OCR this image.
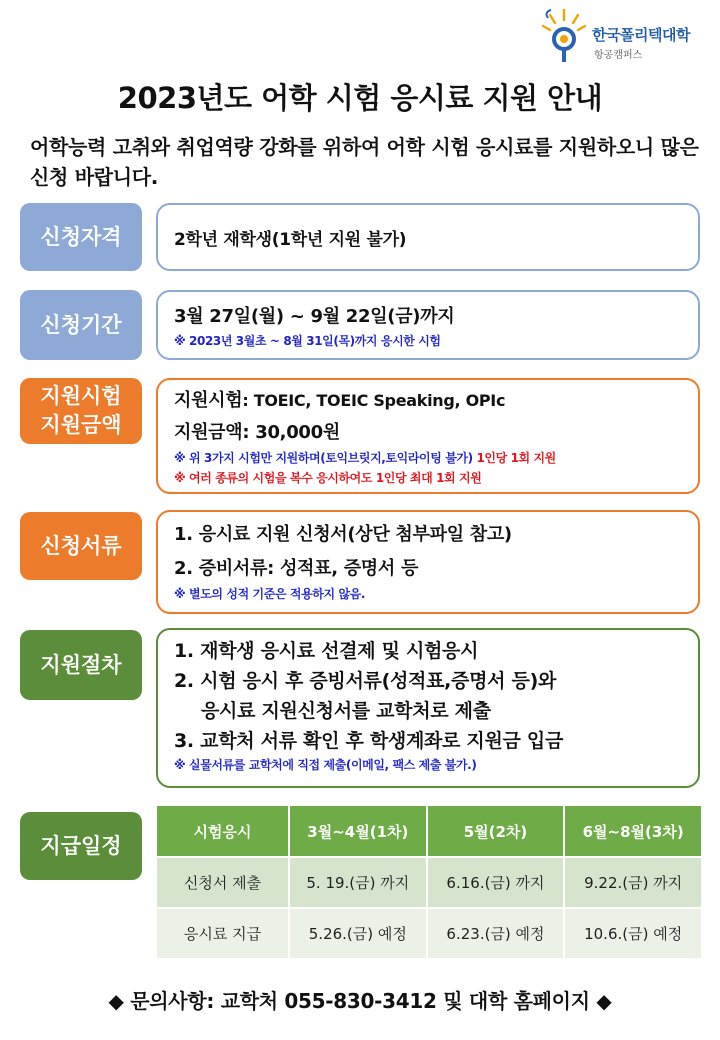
한국폴리텍대학
항공캠퍼스
2023년도 어학 시험 응시료 지원 안내
어학능력 고취와 취업역량 강화를 위하여 어학 시험 응시료를 지원하오니 많은 신청 바랍니다.
신청자격	2학년 재학생(1학년 지원 불가)
신청기간	3월 27일(월) ~ 9월 22일(금)까지
※ 2023년 3월초 ~ 8월 31일(목)까지 응시한 시험
지원시험
지원금액
지원시험: TOEIC, TOEIC Speaking, OPIc
지원금액: 30,000원
※ 위 3가지 시험만 지원하며(토익브릿지,토익라이팅 불가) 1인당 1회 지원
※ 여러 종류의 시험을 복수 응시하여도 1인당 최대 1회 지원
신청서류	1. 응시료 지원 신청서(상단 첨부파일 참고)
2. 증비서류: 성적표, 증명서 등
※ 별도의 성적 기준은 적용하지 않음.
지원절차
1. 재학생 응시료 선결제 및 시험응시
2. 시험 응시 후 증빙서류(성적표,증명서 등)와
응시료 지원신청서를 교학처로 제출
3. 교학처 서류 확인 후 학생계좌로 지원금 입금
※ 실물서류를 교학처에 직접 제출(이메일, 팩스 제출 불가.)
지급일정
시험응시	3월~4월(1차)	5월(2차)	6월~8월(3차)
신청서 제출	5. 19.(금) 까지	6.16.(금) 까지	9.22.(금) 까지
응시료 지급	5.26.(금) 예정	6.23.(금) 예정	10.6.(금) 예정
◆ 문의사항: 교학처 055-830-3412 및 대학 홈페이지 ◆
